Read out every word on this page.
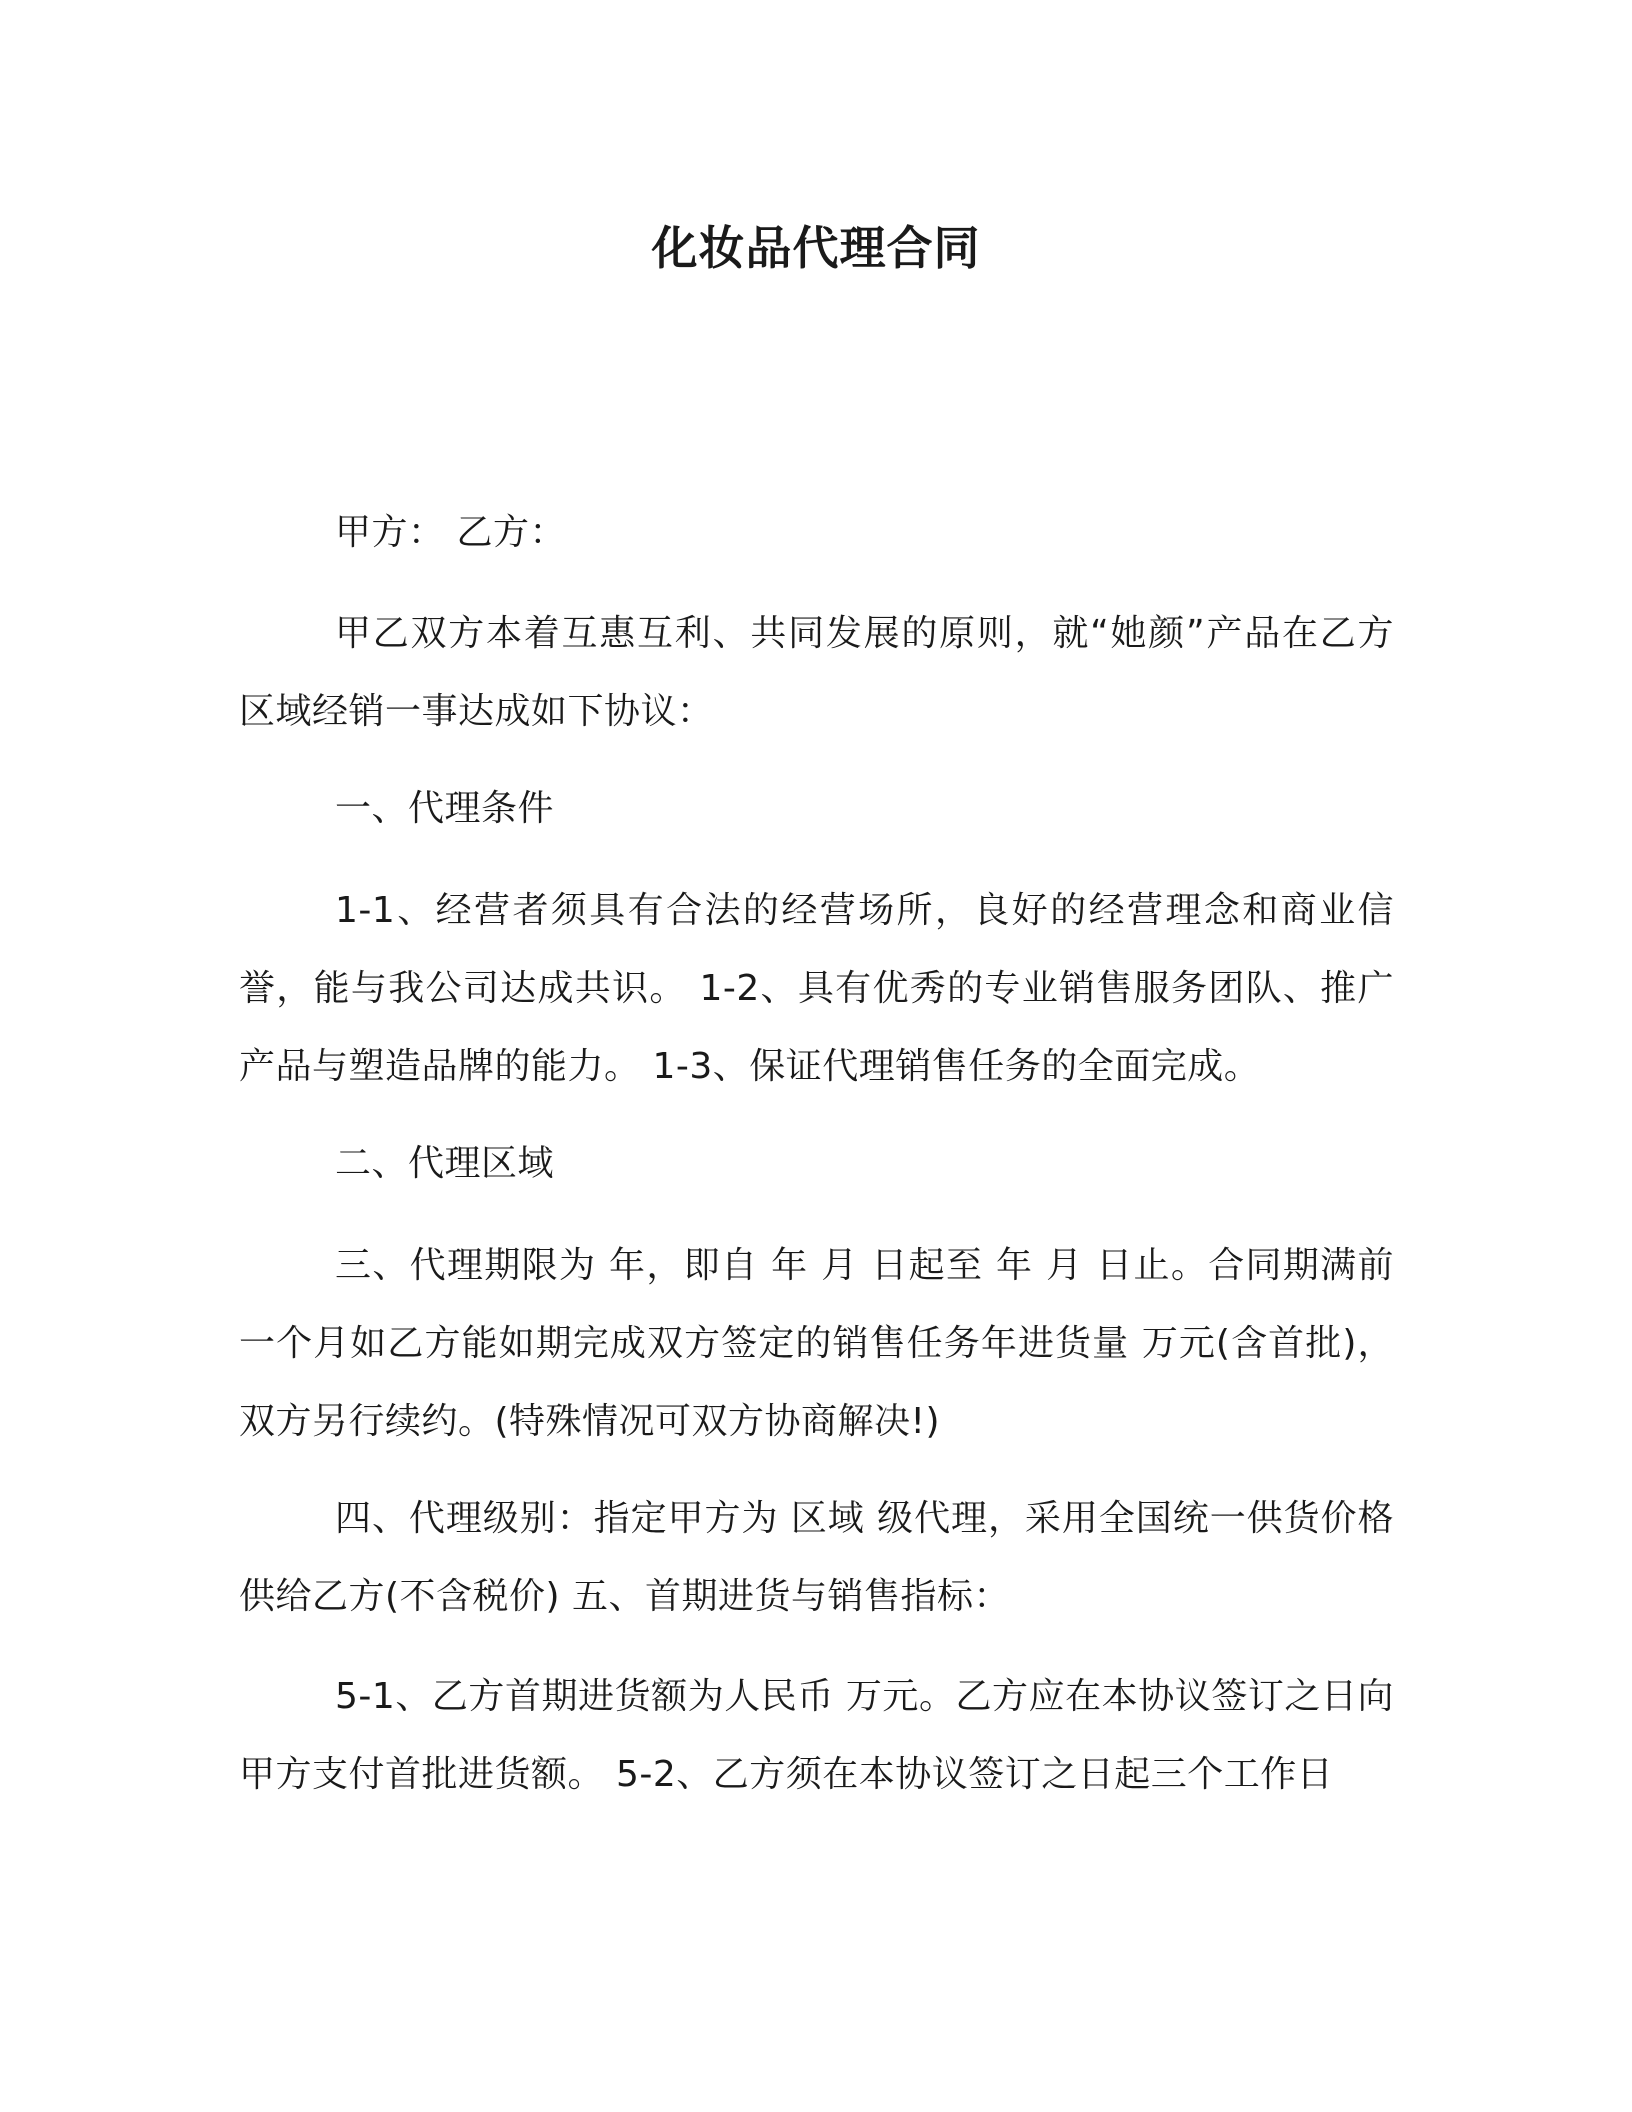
化妆品代理合同

甲方： 乙方：

甲乙双方本着互惠互利、共同发展的原则，就“她颜”产品在乙方区域经销一事达成如下协议：

一、代理条件

1-1、经营者须具有合法的经营场所，良好的经营理念和商业信誉，能与我公司达成共识。 1-2、具有优秀的专业销售服务团队、推广产品与塑造品牌的能力。 1-3、保证代理销售任务的全面完成。

二、代理区域

三、代理期限为 年，即自 年 月 日起至 年 月 日止。合同期满前一个月如乙方能如期完成双方签定的销售任务年进货量 万元(含首批)，双方另行续约。(特殊情况可双方协商解决!)

四、代理级别：指定甲方为 区域 级代理，采用全国统一供货价格供给乙方(不含税价) 五、首期进货与销售指标：

5-1、乙方首期进货额为人民币 万元。乙方应在本协议签订之日向甲方支付首批进货额。 5-2、乙方须在本协议签订之日起三个工作日
